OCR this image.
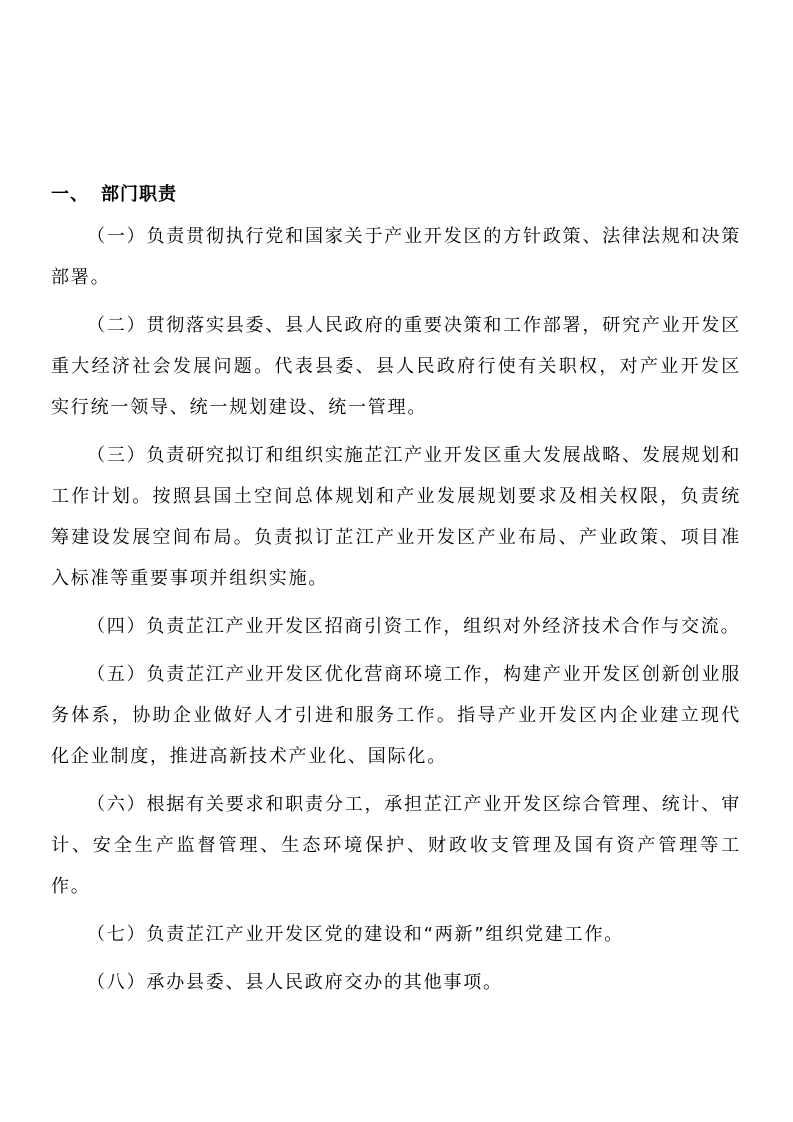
一、 部门职责

（一）负责贯彻执行党和国家关于产业开发区的方针政策、法律法规和决策部署。

（二）贯彻落实县委、县人民政府的重要决策和工作部署，研究产业开发区重大经济社会发展问题。代表县委、县人民政府行使有关职权，对产业开发区实行统一领导、统一规划建设、统一管理。

（三）负责研究拟订和组织实施芷江产业开发区重大发展战略、发展规划和工作计划。按照县国土空间总体规划和产业发展规划要求及相关权限，负责统筹建设发展空间布局。负责拟订芷江产业开发区产业布局、产业政策、项目准入标准等重要事项并组织实施。

（四）负责芷江产业开发区招商引资工作，组织对外经济技术合作与交流。

（五）负责芷江产业开发区优化营商环境工作，构建产业开发区创新创业服务体系，协助企业做好人才引进和服务工作。指导产业开发区内企业建立现代化企业制度，推进高新技术产业化、国际化。

（六）根据有关要求和职责分工，承担芷江产业开发区综合管理、统计、审计、安全生产监督管理、生态环境保护、财政收支管理及国有资产管理等工作。

（七）负责芷江产业开发区党的建设和“两新”组织党建工作。

（八）承办县委、县人民政府交办的其他事项。
